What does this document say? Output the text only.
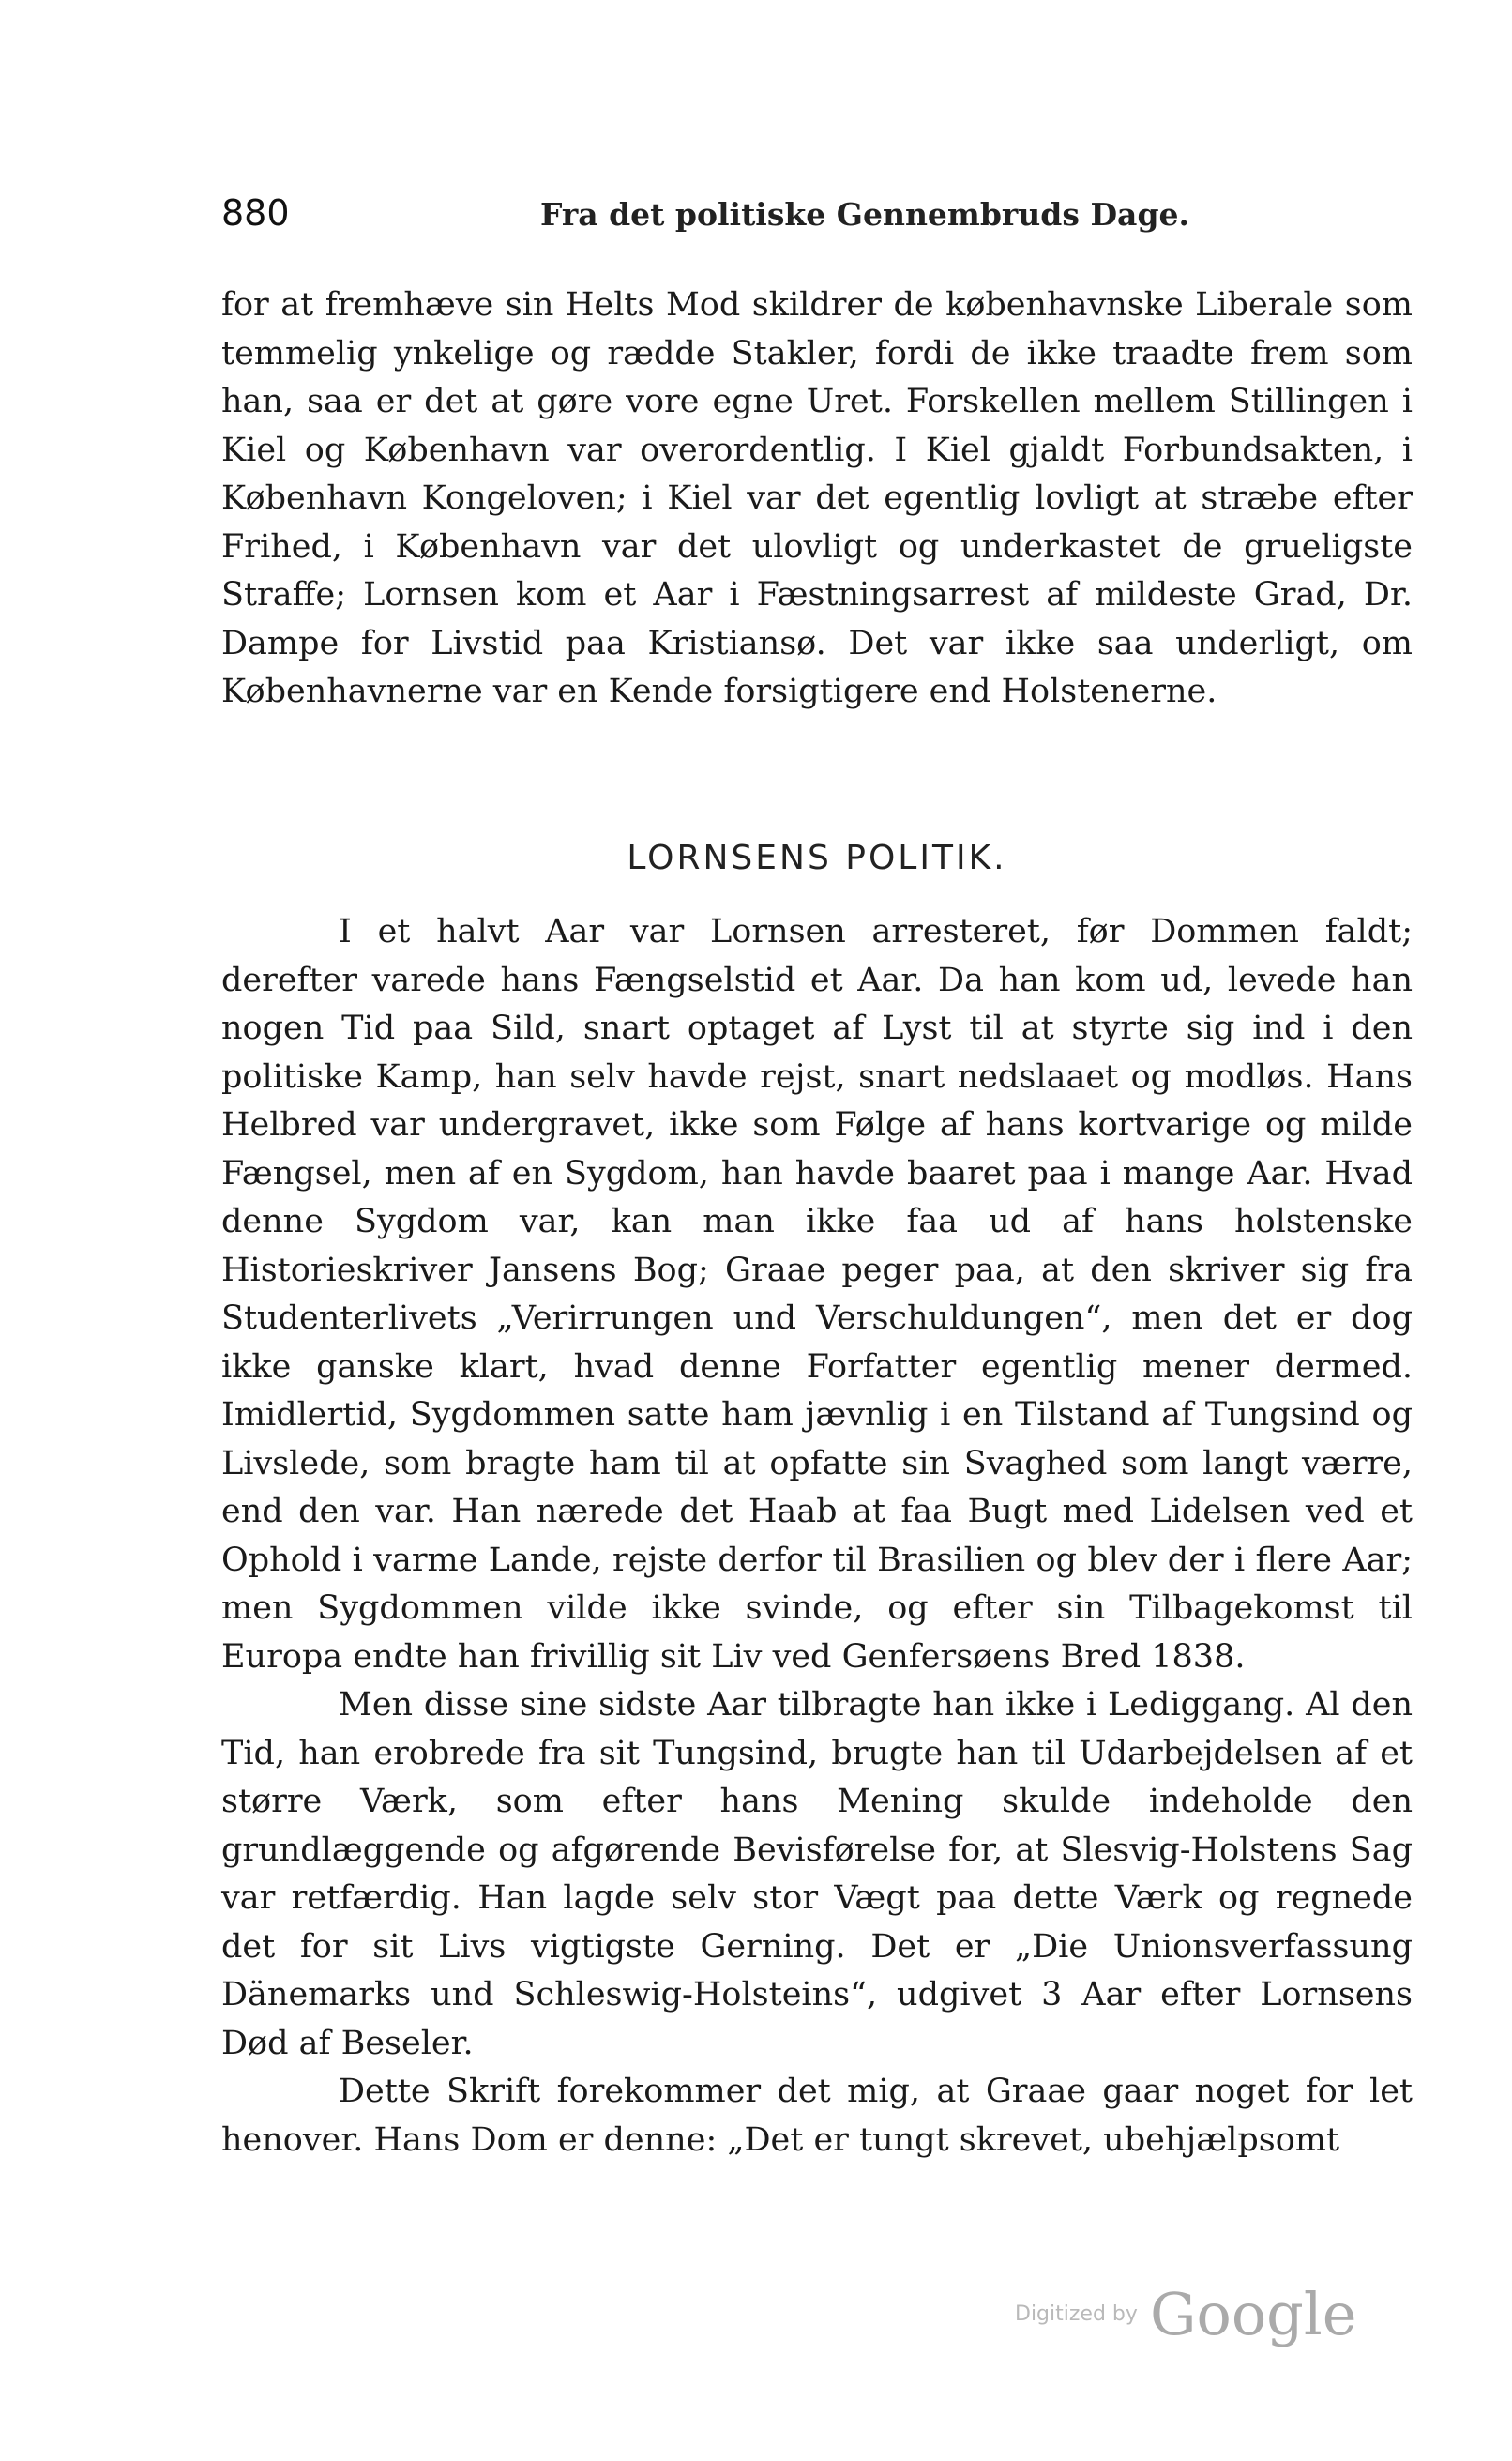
880	Fra det politiske Gennembruds Dage.

for at fremhæve sin Helts Mod skildrer de københavnske Liberale som temmelig ynkelige og rædde Stakler, fordi de ikke traadte frem som han, saa er det at gøre vore egne Uret. Forskellen mellem Stillingen i Kiel og København var overordentlig. I Kiel gjaldt Forbundsakten, i København Kongeloven; i Kiel var det egentlig lovligt at stræbe efter Frihed, i København var det ulovligt og underkastet de grueligste Straffe; Lornsen kom et Aar i Fæstningsarrest af mildeste Grad, Dr. Dampe for Livstid paa Kristiansø. Det var ikke saa underligt, om Københavnerne var en Kende forsigtigere end Holstenerne.

LORNSENS POLITIK.

I et halvt Aar var Lornsen arresteret, før Dommen faldt; derefter varede hans Fængselstid et Aar. Da han kom ud, levede han nogen Tid paa Sild, snart optaget af Lyst til at styrte sig ind i den politiske Kamp, han selv havde rejst, snart nedslaaet og modløs. Hans Helbred var undergravet, ikke som Følge af hans kortvarige og milde Fængsel, men af en Sygdom, han havde baaret paa i mange Aar. Hvad denne Sygdom var, kan man ikke faa ud af hans holstenske Historieskriver Jansens Bog; Graae peger paa, at den skriver sig fra Studenterlivets „Verirrungen und Verschuldungen“, men det er dog ikke ganske klart, hvad denne Forfatter egentlig mener dermed. Imidlertid, Sygdommen satte ham jævnlig i en Tilstand af Tungsind og Livslede, som bragte ham til at opfatte sin Svaghed som langt værre, end den var. Han nærede det Haab at faa Bugt med Lidelsen ved et Ophold i varme Lande, rejste derfor til Brasilien og blev der i flere Aar; men Sygdommen vilde ikke svinde, og efter sin Tilbagekomst til Europa endte han frivillig sit Liv ved Genfersøens Bred 1838.

Men disse sine sidste Aar tilbragte han ikke i Lediggang. Al den Tid, han erobrede fra sit Tungsind, brugte han til Udarbejdelsen af et større Værk, som efter hans Mening skulde indeholde den grundlæggende og afgørende Bevisførelse for, at Slesvig-Holstens Sag var retfærdig. Han lagde selv stor Vægt paa dette Værk og regnede det for sit Livs vigtigste Gerning. Det er „Die Unionsverfassung Dänemarks und Schleswig-Holsteins“, udgivet 3 Aar efter Lornsens Død af Beseler.

Dette Skrift forekommer det mig, at Graae gaar noget for let henover. Hans Dom er denne: „Det er tungt skrevet, ubehjælpsomt

Digitized by Google
